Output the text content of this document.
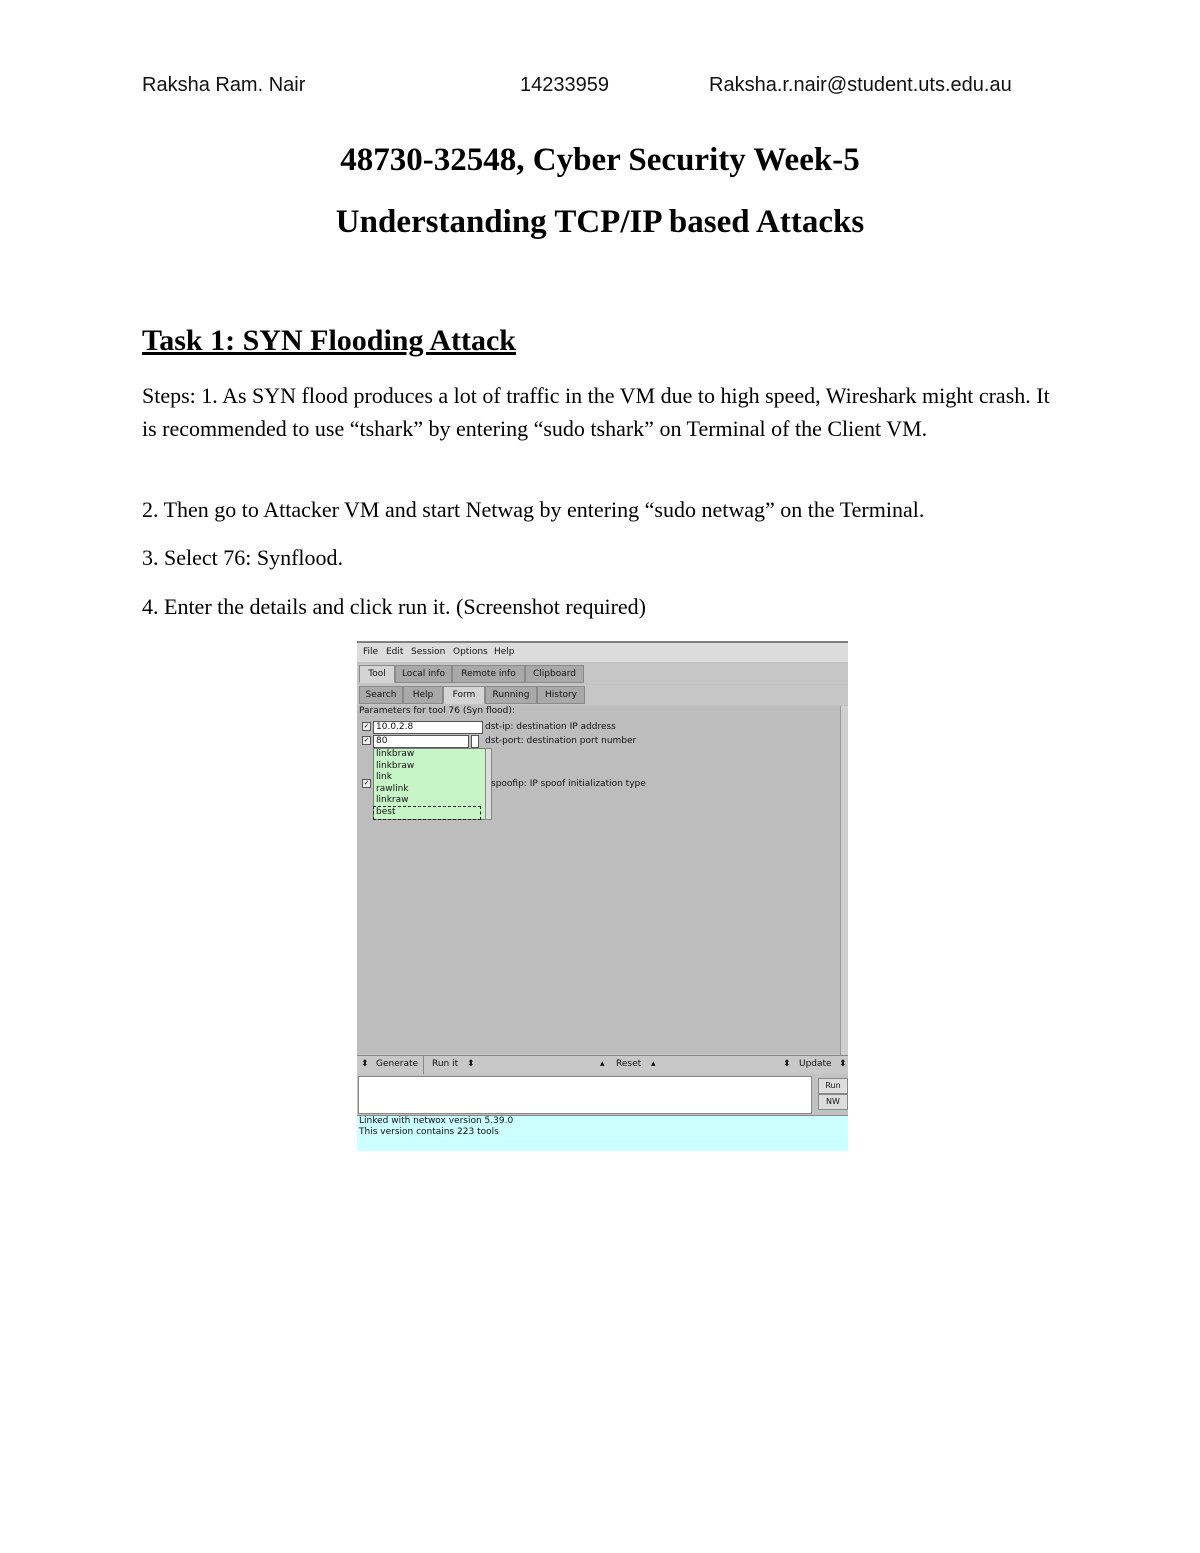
Raksha Ram. Nair	14233959	Raksha.r.nair@student.uts.edu.au
48730-32548, Cyber Security Week-5
Understanding TCP/IP based Attacks
Task 1: SYN Flooding Attack
Steps: 1. As SYN flood produces a lot of traffic in the VM due to high speed, Wireshark might crash. It is recommended to use “tshark” by entering “sudo tshark” on Terminal of the Client VM.
2. Then go to Attacker VM and start Netwag by entering “sudo netwag” on the Terminal.
3. Select 76: Synflood.
4. Enter the details and click run it. (Screenshot required)
File Edit Session Options Help
Tool	Local info	Remote info	Clipboard
Search	Help	Form	Running	History
Parameters for tool 76 (Syn flood):
✓ 10.0.2.8	dst-ip: destination IP address
✓ 80	dst-port: destination port number
✓
linkbraw
linkbraw
link
rawlink
linkraw
best
spoofip: IP spoof initialization type
⬍ Generate Run it ⬍	▴ Reset ▴	⬍ Update ⬍
Run
NW
Linked with netwox version 5.39.0
This version contains 223 tools
